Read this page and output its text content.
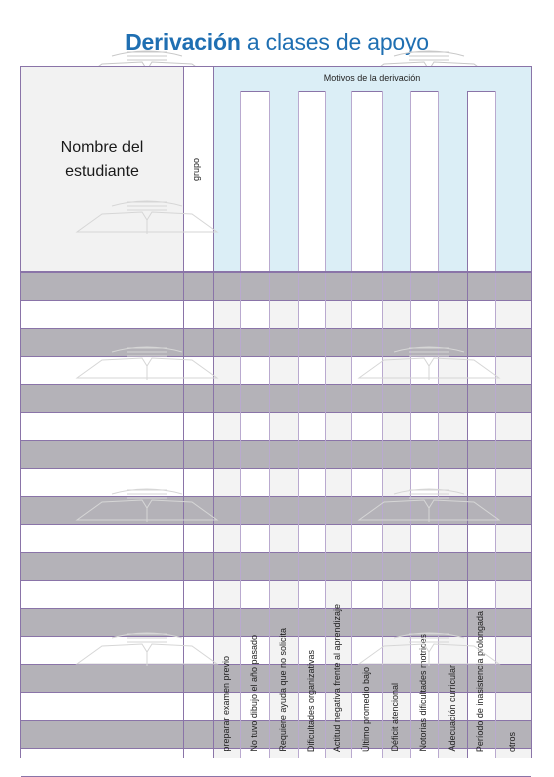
Derivación a clases de apoyo
Nombre del
estudiante	grupo
Motivos de la derivación
preparar examen previo No tuvo dibujo el año pasado Requiere ayuda que no solicita Dificultades organizativas Actitud negativa frente al aprendizaje Último promedio bajo Déficit atencional Notorias dificultades motrices Adecuación curricular Período de inasistencia prolongada otros
